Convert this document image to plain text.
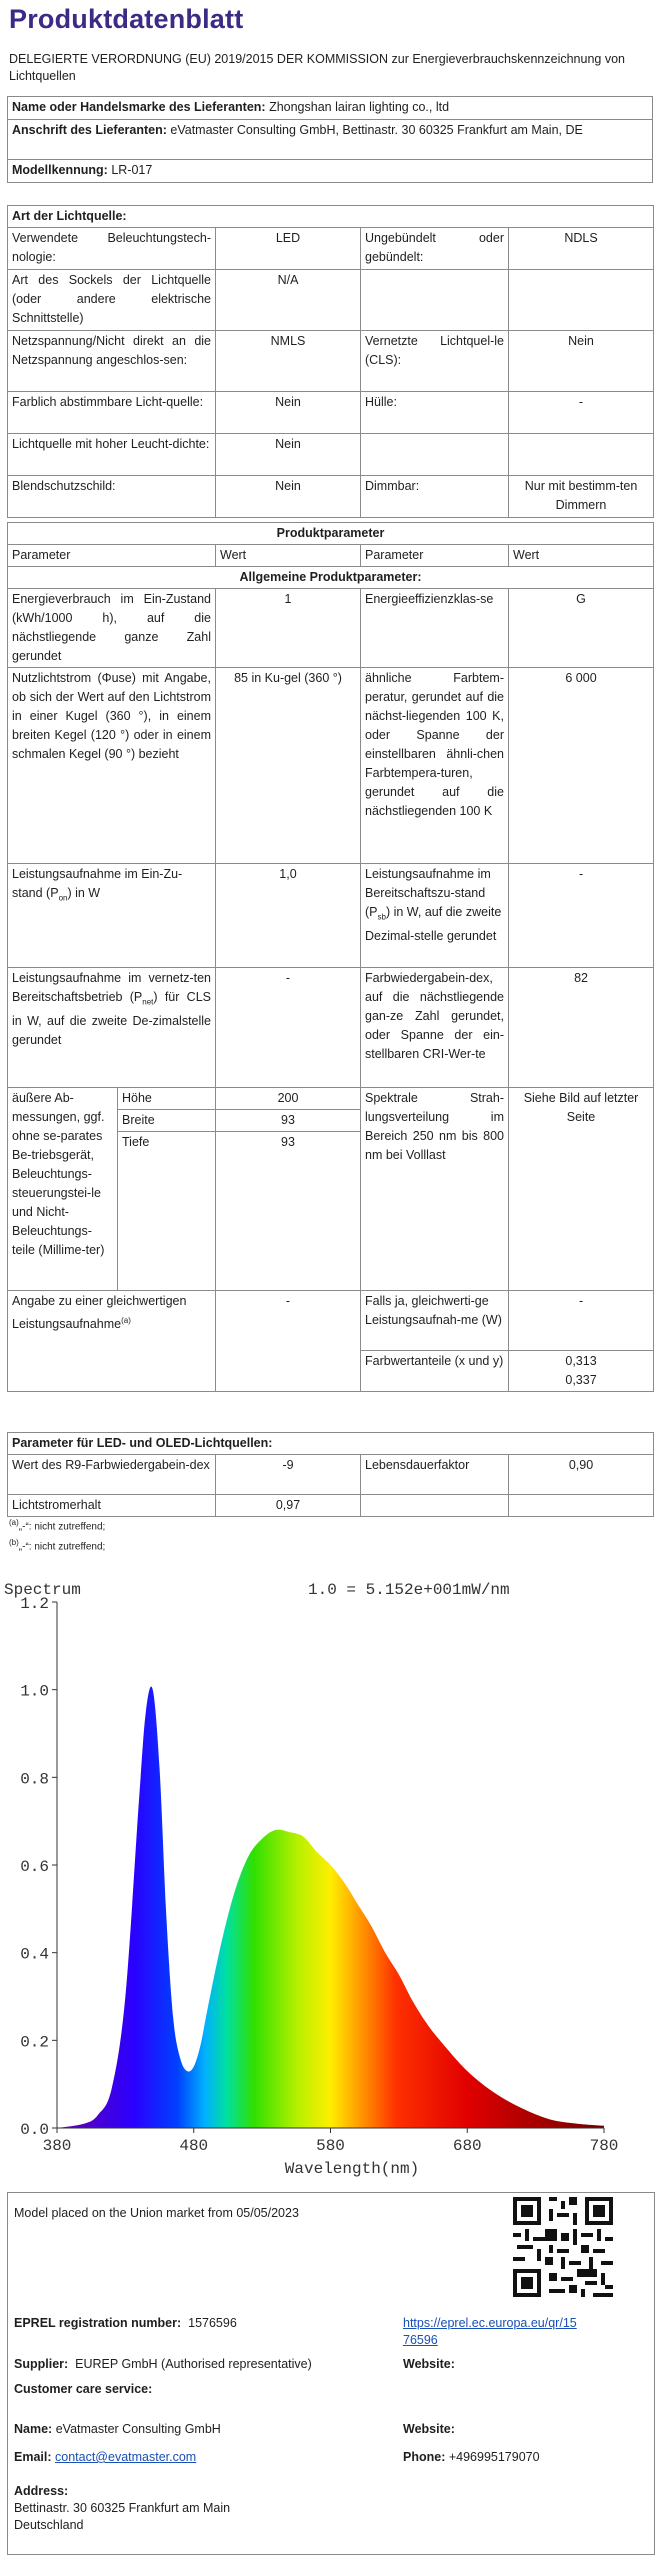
Produktdatenblatt
DELEGIERTE VERORDNUNG (EU) 2019/2015 DER KOMMISSION zur Energieverbrauchskennzeichnung von Lichtquellen
Name oder Handelsmarke des Lieferanten: Zhongshan lairan lighting co., ltd
Anschrift des Lieferanten: eVatmaster Consulting GmbH, Bettinastr. 30 60325 Frankfurt am Main, DE
Modellkennung: LR-017
Art der Lichtquelle:			
Verwendete Beleuchtungstech-nologie:	LED	Ungebündelt oder gebündelt:	NDLS
Art des Sockels der Lichtquelle (oder andere elektrische Schnittstelle)	N/A		
Netzspannung/Nicht direkt an die Netzspannung angeschlos-sen:	NMLS	Vernetzte Lichtquel-le (CLS):	Nein
Farblich abstimmbare Licht-quelle:	Nein	Hülle:	-
Lichtquelle mit hoher Leucht-dichte:	Nein		
Blendschutzschild:	Nein	Dimmbar:	Nur mit bestimm-ten Dimmern
Produktparameter				
Parameter		Wert	Parameter	Wert
Allgemeine Produktparameter:				
Energieverbrauch im Ein-Zustand (kWh/1000 h), auf die nächstliegende ganze Zahl gerundet		1	Energieeffizienzklas-se	G
Nutzlichtstrom (Φuse) mit Angabe, ob sich der Wert auf den Lichtstrom in einer Kugel (360 °), in einem breiten Kegel (120 °) oder in einem schmalen Kegel (90 °) bezieht		85 in Ku-gel (360 °)	ähnliche Farbtem-peratur, gerundet auf die nächst-liegenden 100 K, oder Spanne der einstellbaren ähnli-chen Farbtempera-turen, gerundet auf die nächstliegenden 100 K	6 000
Leistungsaufnahme im Ein-Zu-stand $(P_{on})$ in W		1,0	Leistungsaufnahme im Bereitschaftszu-stand $(P_{sb})$ in W, auf die zweite Dezimal-stelle gerundet	-
Leistungsaufnahme im vernetz-ten Bereitschaftsbetrieb $(P_{net})$ für CLS in W, auf die zweite De-zimalstelle gerundet		-	Farbwiedergabein-dex, auf die nächstliegende gan-ze Zahl gerundet, oder Spanne der ein-stellbaren CRI-Wer-te	82
äußere Ab-messungen, ggf. ohne se-parates Be-triebsgerät, Beleuchtungs-steuerungstei-le und Nicht-Beleuchtungs-teile (Millime-ter)	Höhe	200	Spektrale Strah-lungsverteilung im Bereich 250 nm bis 800 nm bei Volllast	Siehe Bild auf letzter Seite
	Breite	93		
	Tiefe	93		
Angabe zu einer gleichwertigen Leistungsaufnahme$^{(a)}$		-	Falls ja, gleichwerti-ge Leistungsaufnah-me (W)	-
			Farbwertanteile (x und y)	0,313
0,337
Parameter für LED- und OLED-Lichtquellen:			
Wert des R9-Farbwiedergabein-dex	-9	Lebensdauerfaktor	0,90
Lichtstromerhalt	0,97		
$^{(a)}$„-“: nicht zutreffend;
$^{(b)}$„-“: nicht zutreffend;
Spectrum	1.0 = 5.152e+001mW/nm
0.0
0.2
0.4
0.6
0.8
1.0
1.2
380	480	580	680	780
Wavelength(nm)
Model placed on the Union market from 05/05/2023
EPREL registration number: 1576596	https://eprel.ec.europa.eu/qr/15
76596
Supplier: EUREP GmbH (Authorised representative)	Website:
Customer care service:
Name: eVatmaster Consulting GmbH	Website:
Email: contact@evatmaster.com	Phone: +496995179070
Address:
Bettinastr. 30 60325 Frankfurt am Main
Deutschland
